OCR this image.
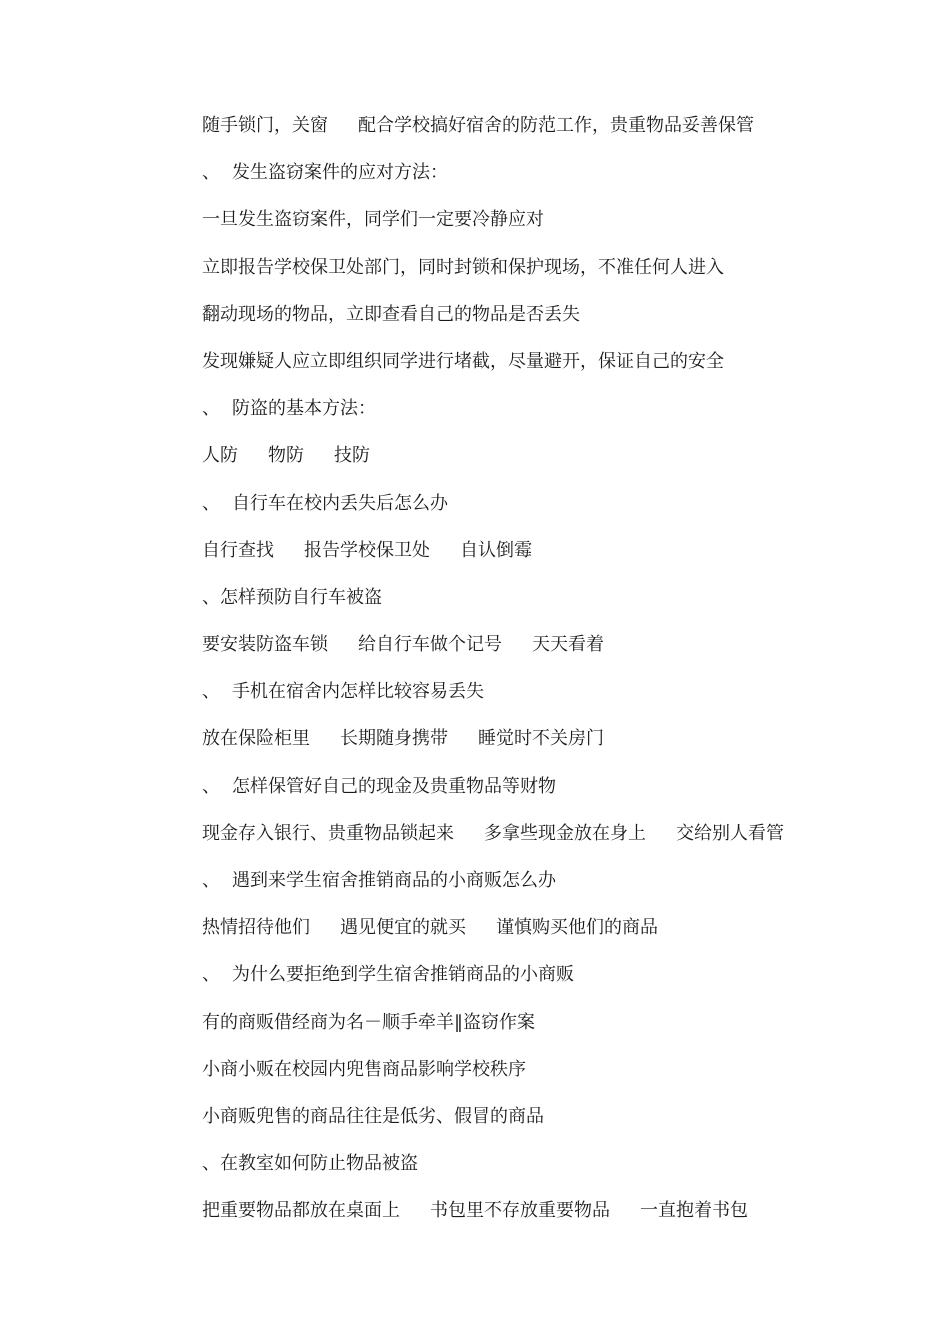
随手锁门，关窗 配合学校搞好宿舍的防范工作，贵重物品妥善保管
、 发生盗窃案件的应对方法：
一旦发生盗窃案件，同学们一定要冷静应对
立即报告学校保卫处部门，同时封锁和保护现场，不准任何人进入
翻动现场的物品，立即查看自己的物品是否丢失
发现嫌疑人应立即组织同学进行堵截，尽量避开，保证自己的安全
、 防盗的基本方法：
人防 物防 技防
、 自行车在校内丢失后怎么办
自行查找 报告学校保卫处 自认倒霉
、怎样预防自行车被盗
要安装防盗车锁 给自行车做个记号 天天看着
、 手机在宿舍内怎样比较容易丢失
放在保险柜里 长期随身携带 睡觉时不关房门
、 怎样保管好自己的现金及贵重物品等财物
现金存入银行、贵重物品锁起来 多拿些现金放在身上 交给别人看管
、 遇到来学生宿舍推销商品的小商贩怎么办
热情招待他们 遇见便宜的就买 谨慎购买他们的商品
、 为什么要拒绝到学生宿舍推销商品的小商贩
有的商贩借经商为名－顺手牵羊‖盗窃作案
小商小贩在校园内兜售商品影响学校秩序
小商贩兜售的商品往往是低劣、假冒的商品
、在教室如何防止物品被盗
把重要物品都放在桌面上 书包里不存放重要物品 一直抱着书包
